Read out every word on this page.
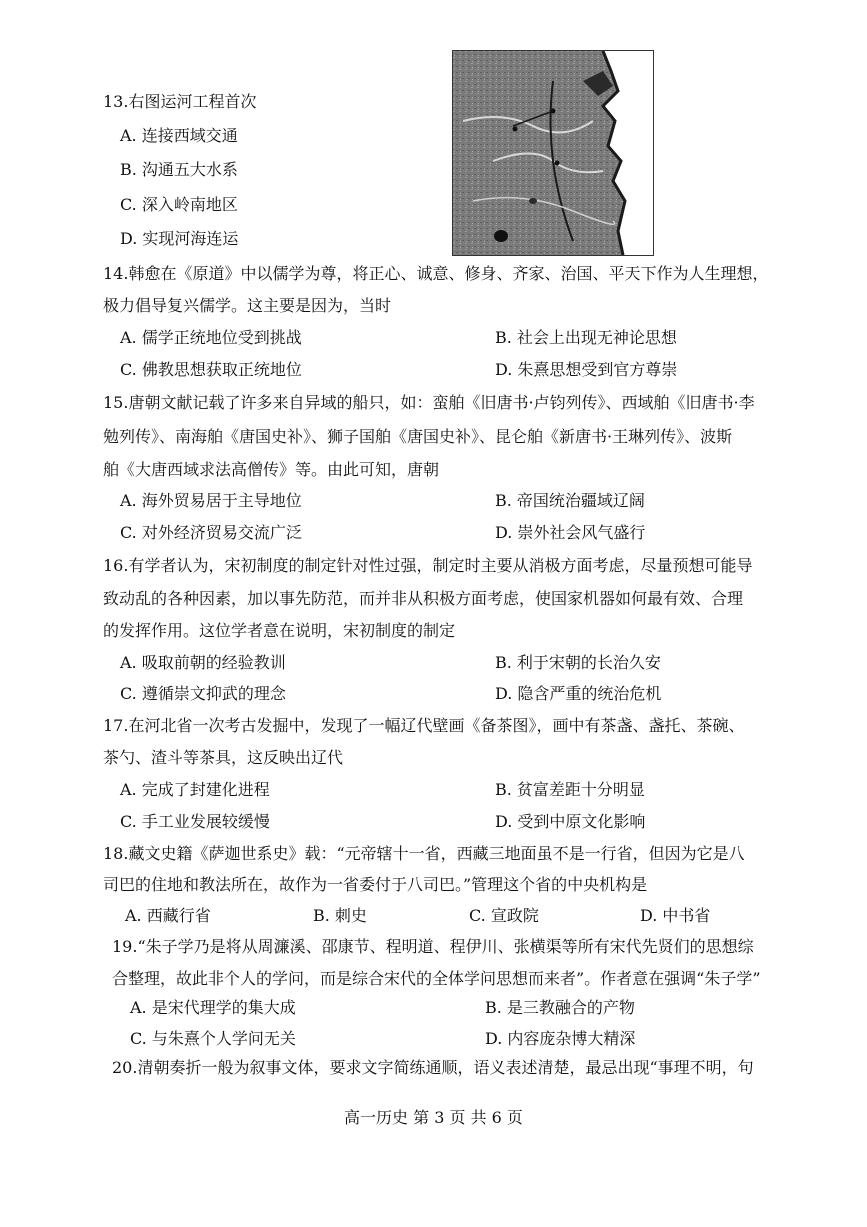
13.右图运河工程首次
A. 连接西域交通
B. 沟通五大水系
C. 深入岭南地区
D. 实现河海连运
14.韩愈在《原道》中以儒学为尊，将正心、诚意、修身、齐家、治国、平天下作为人生理想，
极力倡导复兴儒学。这主要是因为，当时
A. 儒学正统地位受到挑战	B. 社会上出现无神论思想
C. 佛教思想获取正统地位	D. 朱熹思想受到官方尊崇
15.唐朝文献记载了许多来自异域的船只，如：蛮舶《旧唐书·卢钧列传》、西域舶《旧唐书·李
勉列传》、南海舶《唐国史补》、狮子国舶《唐国史补》、昆仑舶《新唐书·王琳列传》、波斯
舶《大唐西域求法高僧传》等。由此可知，唐朝
A. 海外贸易居于主导地位	B. 帝国统治疆域辽阔
C. 对外经济贸易交流广泛	D. 崇外社会风气盛行
16.有学者认为，宋初制度的制定针对性过强，制定时主要从消极方面考虑，尽量预想可能导
致动乱的各种因素，加以事先防范，而并非从积极方面考虑，使国家机器如何最有效、合理
的发挥作用。这位学者意在说明，宋初制度的制定
A. 吸取前朝的经验教训	B. 利于宋朝的长治久安
C. 遵循崇文抑武的理念	D. 隐含严重的统治危机
17.在河北省一次考古发掘中，发现了一幅辽代壁画《备茶图》，画中有茶盏、盏托、茶碗、
茶勺、渣斗等茶具，这反映出辽代
A. 完成了封建化进程	B. 贫富差距十分明显
C. 手工业发展较缓慢	D. 受到中原文化影响
18.藏文史籍《萨迦世系史》载：“元帝辖十一省，西藏三地面虽不是一行省，但因为它是八
司巴的住地和教法所在，故作为一省委付于八司巴。”管理这个省的中央机构是
A. 西藏行省	B. 刺史	C. 宣政院	D. 中书省
19.“朱子学乃是将从周濂溪、邵康节、程明道、程伊川、张横渠等所有宋代先贤们的思想综
合整理，故此非个人的学问，而是综合宋代的全体学问思想而来者”。作者意在强调“朱子学”
A. 是宋代理学的集大成	B. 是三教融合的产物
C. 与朱熹个人学问无关	D. 内容庞杂博大精深
20.清朝奏折一般为叙事文体，要求文字简练通顺，语义表述清楚，最忌出现“事理不明，句
高一历史 第 3 页 共 6 页
